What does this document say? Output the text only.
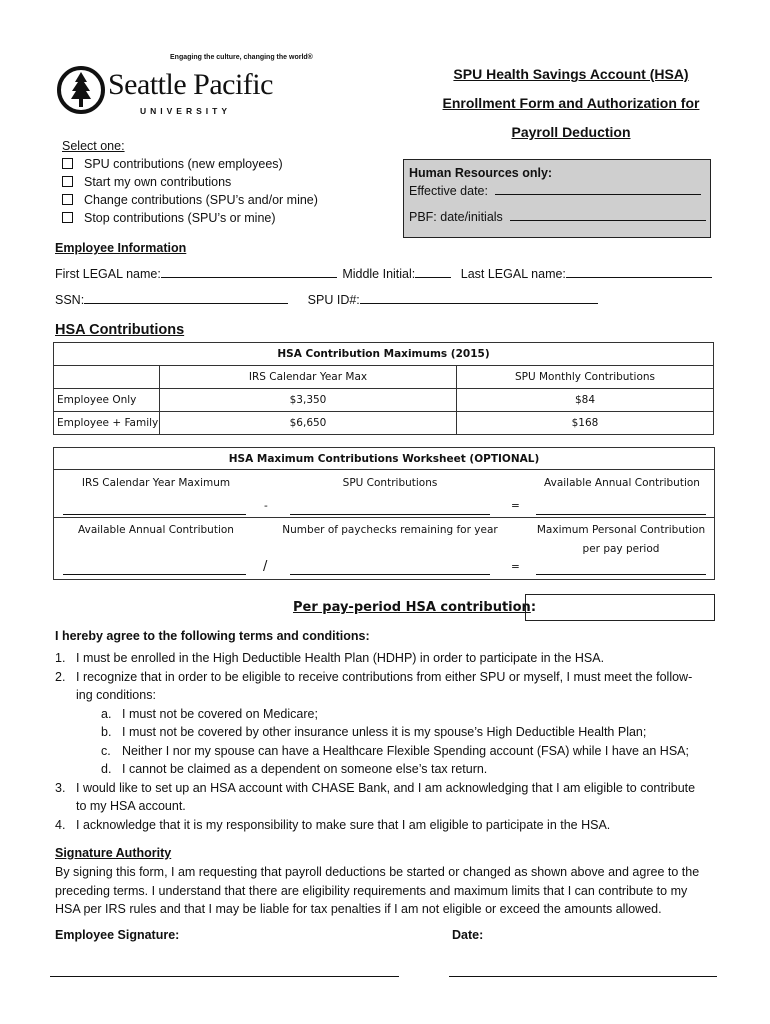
Engaging the culture, changing the world®
Seattle Pacific
UNIVERSITY
SPU Health Savings Account (HSA)
Enrollment Form and Authorization for
Payroll Deduction
Select one:
SPU contributions (new employees)
Start my own contributions
Change contributions (SPU’s and/or mine)
Stop contributions (SPU’s or mine)
Human Resources only:
Effective date:
PBF: date/initials
Employee Information
First LEGAL name:	Middle Initial:	Last LEGAL name:
SSN:	SPU ID#:
HSA Contributions
HSA Contribution Maximums (2015)		
	IRS Calendar Year Max	SPU Monthly Contributions
Employee Only	$3,350	$84
Employee + Family	$6,650	$168
HSA Maximum Contributions Worksheet (OPTIONAL)
IRS Calendar Year Maximum	SPU Contributions	Available Annual Contribution
-	=
Available Annual Contribution	Number of paychecks remaining for year	Maximum Personal Contribution
per pay period
/	=
Per pay-period HSA contribution:
I hereby agree to the following terms and conditions:
1. I must be enrolled in the High Deductible Health Plan (HDHP) in order to participate in the HSA.
2. I recognize that in order to be eligible to receive contributions from either SPU or myself, I must meet the follow-
ing conditions:
a. I must not be covered on Medicare;
b. I must not be covered by other insurance unless it is my spouse’s High Deductible Health Plan;
c. Neither I nor my spouse can have a Healthcare Flexible Spending account (FSA) while I have an HSA;
d. I cannot be claimed as a dependent on someone else’s tax return.
3. I would like to set up an HSA account with CHASE Bank, and I am acknowledging that I am eligible to contribute
to my HSA account.
4. I acknowledge that it is my responsibility to make sure that I am eligible to participate in the HSA.
Signature Authority
By signing this form, I am requesting that payroll deductions be started or changed as shown above and agree to the
preceding terms. I understand that there are eligibility requirements and maximum limits that I can contribute to my
HSA per IRS rules and that I may be liable for tax penalties if I am not eligible or exceed the amounts allowed.
Employee Signature:	Date:
